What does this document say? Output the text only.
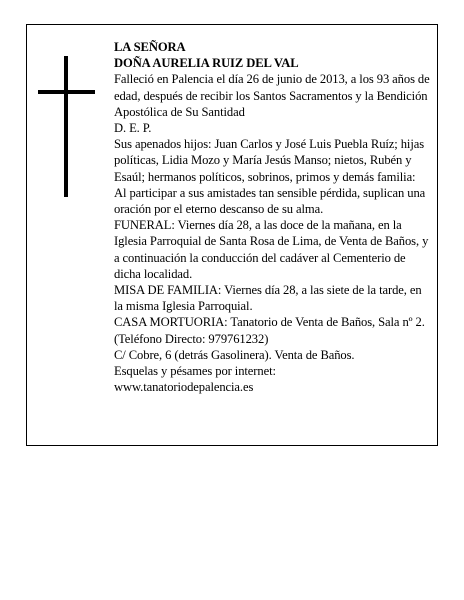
LA SEÑORA

DOÑA AURELIA RUIZ DEL VAL

Falleció en Palencia el día 26 de junio de 2013, a los 93 años de edad, después de recibir los Santos Sacramentos y la Bendición Apostólica de Su Santidad

D. E. P.

Sus apenados hijos: Juan Carlos y José Luis Puebla Ruíz; hijas políticas, Lidia Mozo y María Jesús Manso; nietos, Rubén y Esaúl; hermanos políticos, sobrinos, primos y demás familia:

Al participar a sus amistades tan sensible pérdida, suplican una oración por el eterno descanso de su alma.

FUNERAL: Viernes día 28, a las doce de la mañana, en la Iglesia Parroquial de Santa Rosa de Lima, de Venta de Baños, y a continuación la conducción del cadáver al Cementerio de dicha localidad.

MISA DE FAMILIA: Viernes día 28, a las siete de la tarde, en la misma Iglesia Parroquial.

CASA MORTUORIA: Tanatorio de Venta de Baños, Sala nº 2. (Teléfono Directo: 979761232)

C/ Cobre, 6 (detrás Gasolinera). Venta de Baños.

Esquelas y pésames por internet:

www.tanatoriodepalencia.es
